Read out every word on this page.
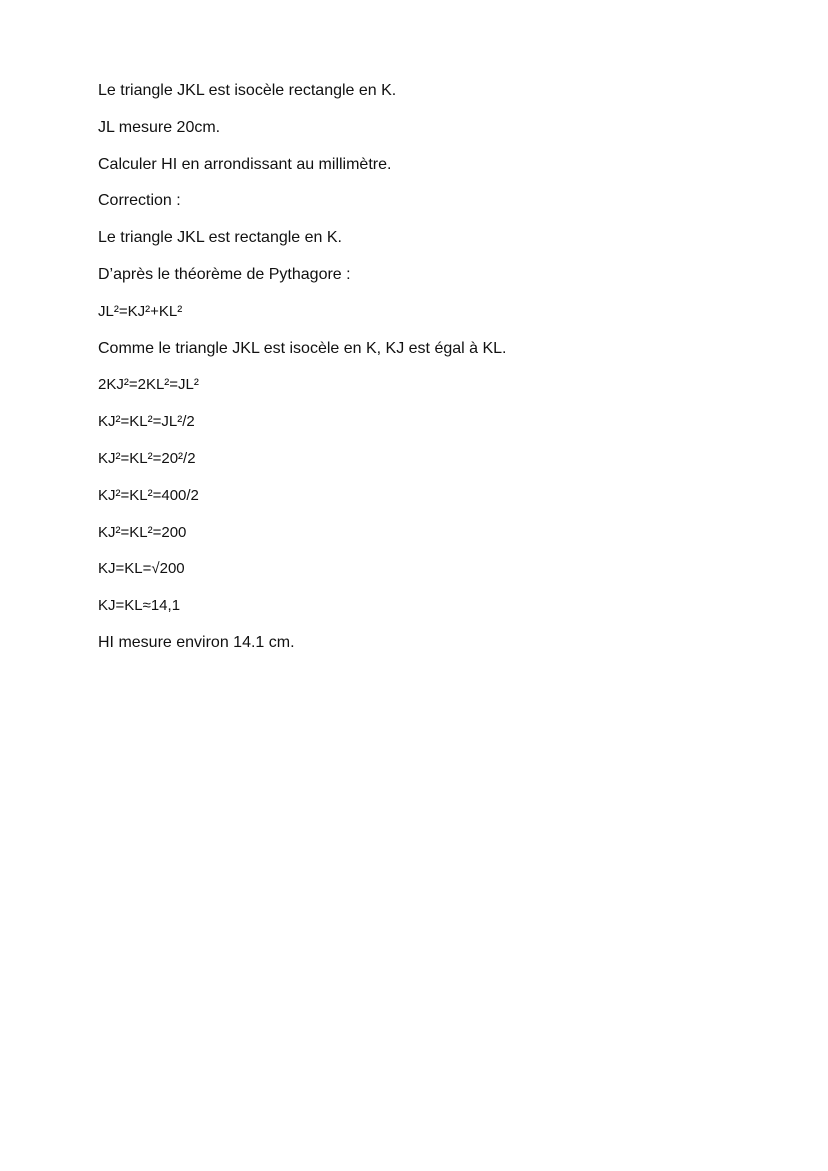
Le triangle JKL est isocèle rectangle en K.

JL mesure 20cm.

Calculer HI en arrondissant au millimètre.

Correction :

Le triangle JKL est rectangle en K.

D’après le théorème de Pythagore :

JL²=KJ²+KL²

Comme le triangle JKL est isocèle en K, KJ est égal à KL.

2KJ²=2KL²=JL²

KJ²=KL²=JL²/2

KJ²=KL²=20²/2

KJ²=KL²=400/2

KJ²=KL²=200

KJ=KL=√200

KJ=KL≈14,1

HI mesure environ 14.1 cm.
